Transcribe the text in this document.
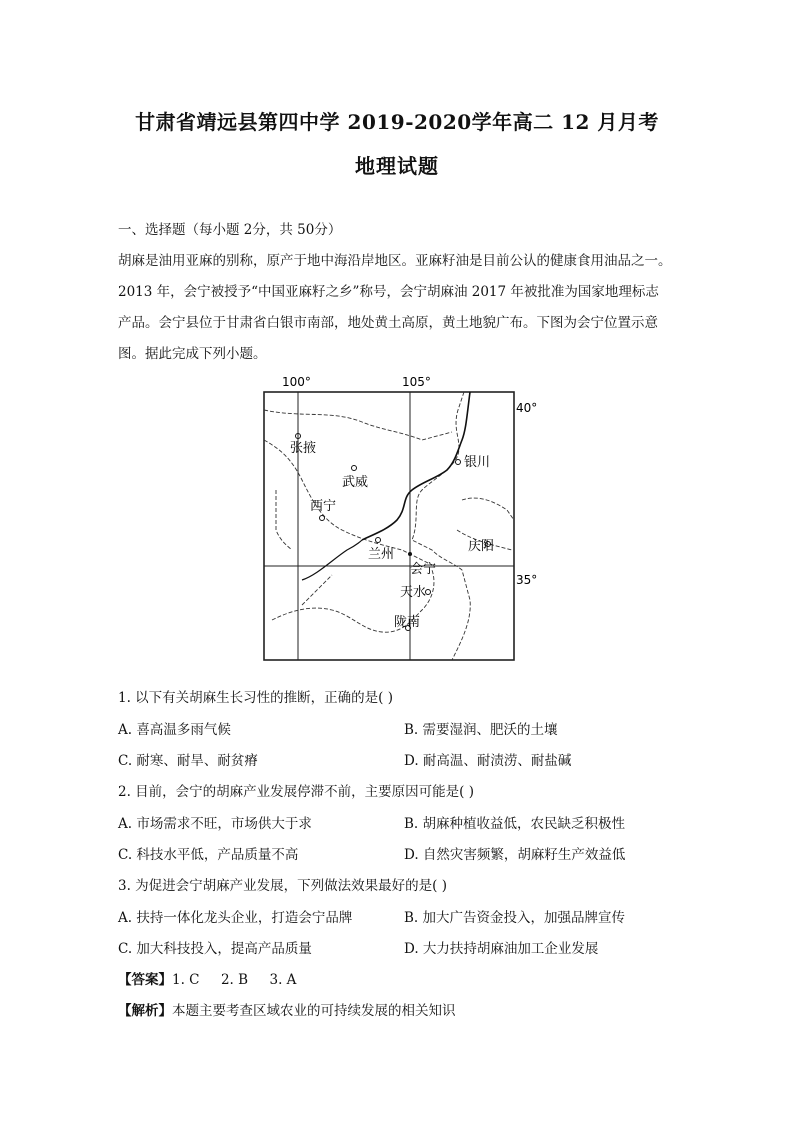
甘肃省靖远县第四中学 2019-2020学年高二 12 月月考
地理试题
一、选择题（每小题 2分，共 50分）
胡麻是油用亚麻的别称，原产于地中海沿岸地区。亚麻籽油是目前公认的健康食用油品之一。
2013 年，会宁被授予“中国亚麻籽之乡”称号，会宁胡麻油 2017 年被批准为国家地理标志
产品。会宁县位于甘肃省白银市南部，地处黄土高原，黄土地貌广布。下图为会宁位置示意
图。据此完成下列小题。
100°	105°
40°
35°
张掖
武威
西宁
银川
兰州
庆阳
会宁
天水
陇南
1. 以下有关胡麻生长习性的推断，正确的是( )
A. 喜高温多雨气候	B. 需要湿润、肥沃的土壤
C. 耐寒、耐旱、耐贫瘠	D. 耐高温、耐渍涝、耐盐碱
2. 目前，会宁的胡麻产业发展停滞不前，主要原因可能是( )
A. 市场需求不旺，市场供大于求	B. 胡麻种植收益低，农民缺乏积极性
C. 科技水平低，产品质量不高	D. 自然灾害频繁，胡麻籽生产效益低
3. 为促进会宁胡麻产业发展，下列做法效果最好的是( )
A. 扶持一体化龙头企业，打造会宁品牌	B. 加大广告资金投入，加强品牌宣传
C. 加大科技投入，提高产品质量	D. 大力扶持胡麻油加工企业发展
【答案】1. C     2. B     3. A
【解析】本题主要考查区域农业的可持续发展的相关知识
